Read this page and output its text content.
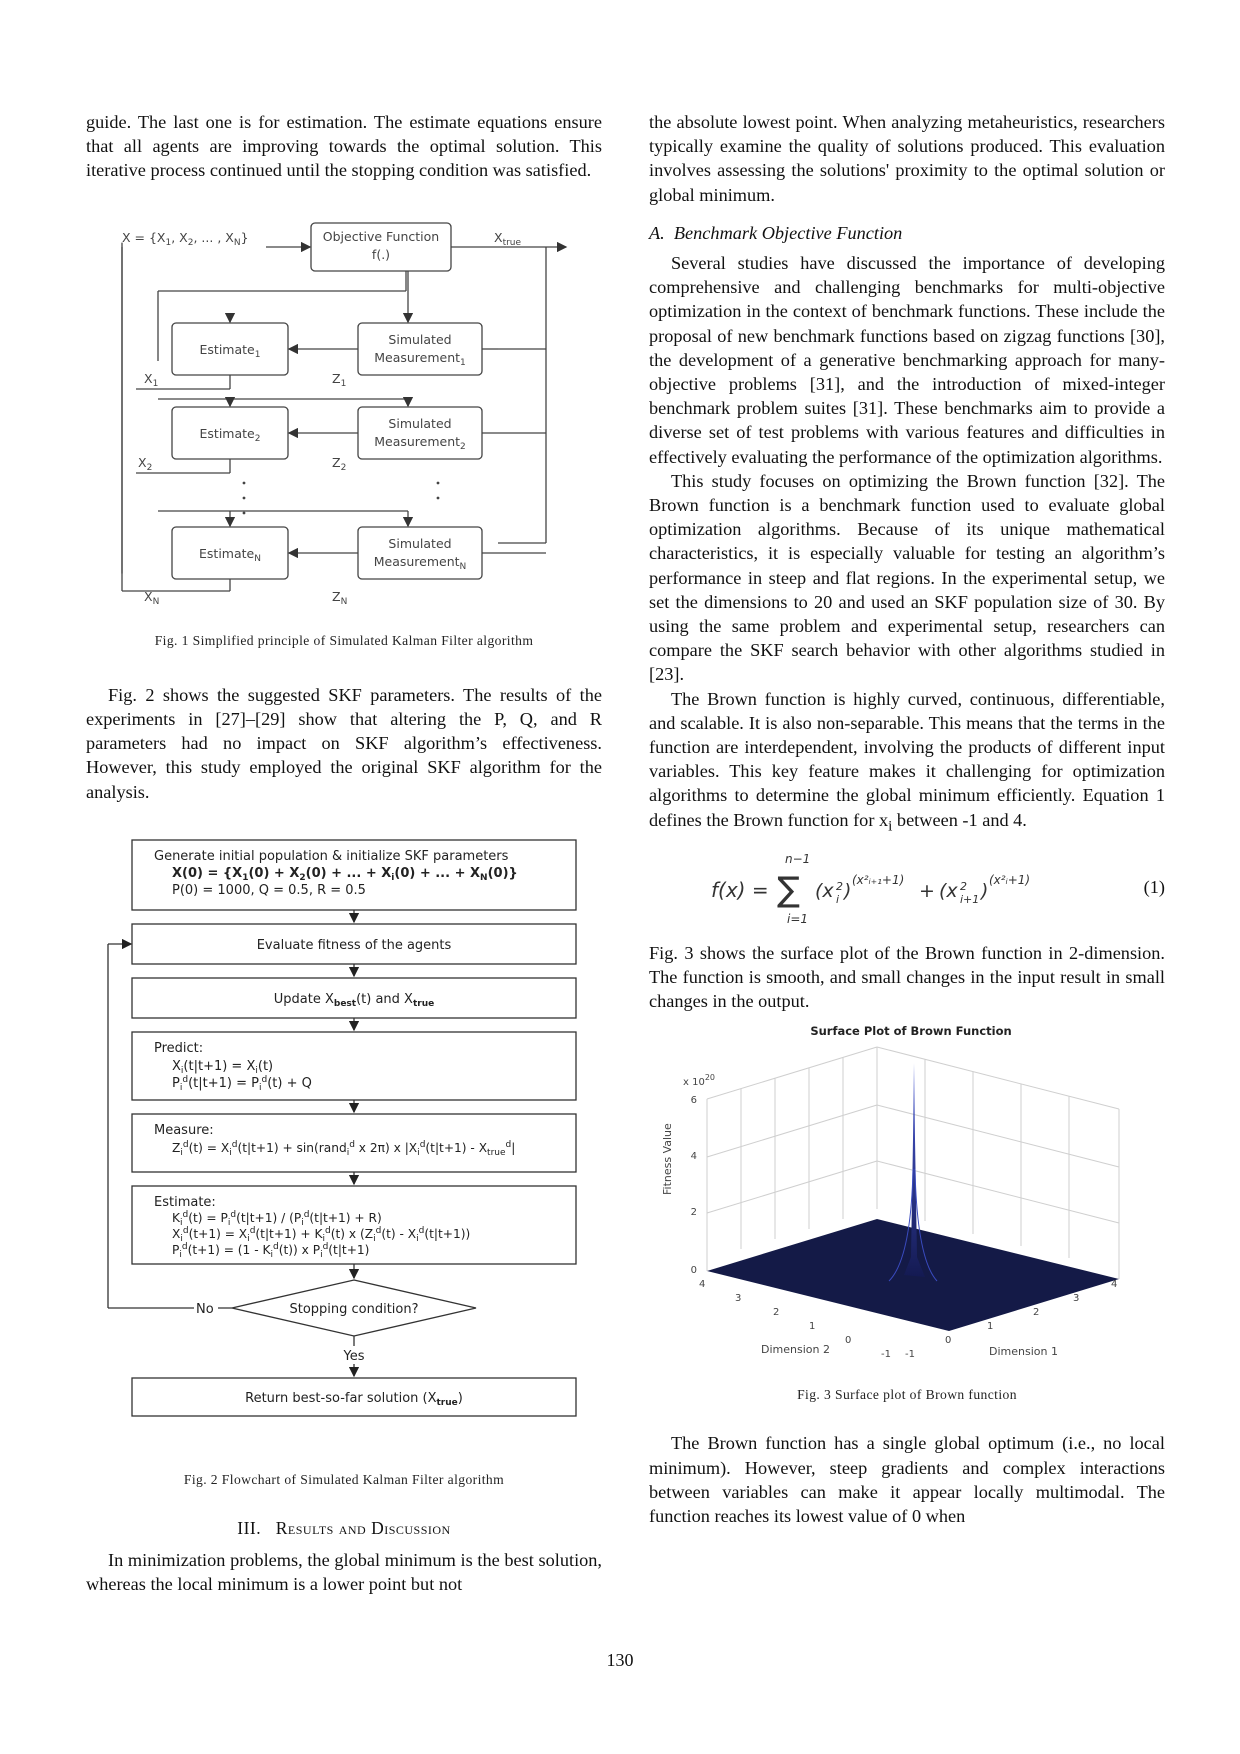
guide. The last one is for estimation. The estimate equations ensure that all agents are improving towards the optimal solution. This iterative process continued until the stopping condition was satisfied.

$X = \{X_1$, $X_2$, ... , $X_N$}	Objective Function
f(.)
$X_{true}$
Estimate$_1$
Simulated
Measurement$_1$
$X_1$	$Z_1$
Estimate$_2$
Simulated
Measurement$_2$
$X_2$	$Z_2$
Estimate$_N$
Simulated
Measurement$_N$
$X_N$	$Z_N$

Fig. 1 Simplified principle of Simulated Kalman Filter algorithm

Fig. 2 shows the suggested SKF parameters. The results of the experiments in [27]–[29] show that altering the P, Q, and R parameters had no impact on SKF algorithm’s effectiveness. However, this study employed the original SKF algorithm for the analysis.

Generate initial population & initialize SKF parameters
$X(0) = \{X_1(0) + X_2(0)$ + ... + $X_i(0)$ + ... + $X_N(0)$}
P(0) = 1000, Q = 0.5, R = 0.5
Evaluate fitness of the agents
Update $X_{best}(t)$ and $X_{true}$
Predict:
$X_i(t|t+1) = X_i(t)$
$P_i^d(t|t+1) = P_i^d(t) + Q$
Measure:
$Z_i^d(t) = X_i^d(t|t+1)$ + sin(rand$_i^d$ x 2π) x $|X_i^d(t|t+1) - X_{true}^d|$
Estimate:
$K_i^d(t) = P_i^d(t|t+1) / (P_i^d(t|t+1) + R)$
$X_i^d(t+1) = X_i^d(t|t+1) + K_i^d(t)$ x $(Z_i^d(t) - X_i^d(t|t+1))$
$P_i^d(t+1) = (1 - K_i^d(t))$ x $P_i^d(t|t+1)$
Stopping condition?
No
Yes
Return best-so-far solution $(X_{true})$

Fig. 2 Flowchart of Simulated Kalman Filter algorithm

III. Results and Discussion

In minimization problems, the global minimum is the best solution, whereas the local minimum is a lower point but not

the absolute lowest point. When analyzing metaheuristics, researchers typically examine the quality of solutions produced. This evaluation involves assessing the solutions' proximity to the optimal solution or global minimum.

A. Benchmark Objective Function

Several studies have discussed the importance of developing comprehensive and challenging benchmarks for multi-objective optimization in the context of benchmark functions. These include the proposal of new benchmark functions based on zigzag functions [30], the development of a generative benchmarking approach for many-objective problems [31], and the introduction of mixed-integer benchmark problem suites [31]. These benchmarks aim to provide a diverse set of test problems with various features and difficulties in effectively evaluating the performance of the optimization algorithms.

This study focuses on optimizing the Brown function [32]. The Brown function is a benchmark function used to evaluate global optimization algorithms. Because of its unique mathematical characteristics, it is especially valuable for testing an algorithm’s performance in steep and flat regions. In the experimental setup, we set the dimensions to 20 and used an SKF population size of 30. By using the same problem and experimental setup, researchers can compare the SKF search behavior with other algorithms studied in [23].

The Brown function is highly curved, continuous, differentiable, and scalable. It is also non-separable. This means that the terms in the function are interdependent, involving the products of different input variables. This key feature makes it challenging for optimization algorithms to determine the global minimum efficiently. Equation 1 defines the Brown function for $x_i$ between -1 and 4.

n−1
∑
i=1
f(x) = (x 2
i ) (x²ᵢ₊₁+1) + (x 2
i+1 ) (x²ᵢ+1)	(1)

Fig. 3 shows the surface plot of the Brown function in 2-dimension. The function is smooth, and small changes in the input result in small changes in the output.

Surface Plot of Brown Function
x $10^{20}$
6
4
2
0
Fitness Value
4
3
2
1
0
-1 -1
0
1
2
3
4
Dimension 2	Dimension 1

Fig. 3 Surface plot of Brown function

The Brown function has a single global optimum (i.e., no local minimum). However, steep gradients and complex interactions between variables can make it appear locally multimodal. The function reaches its lowest value of 0 when

130
